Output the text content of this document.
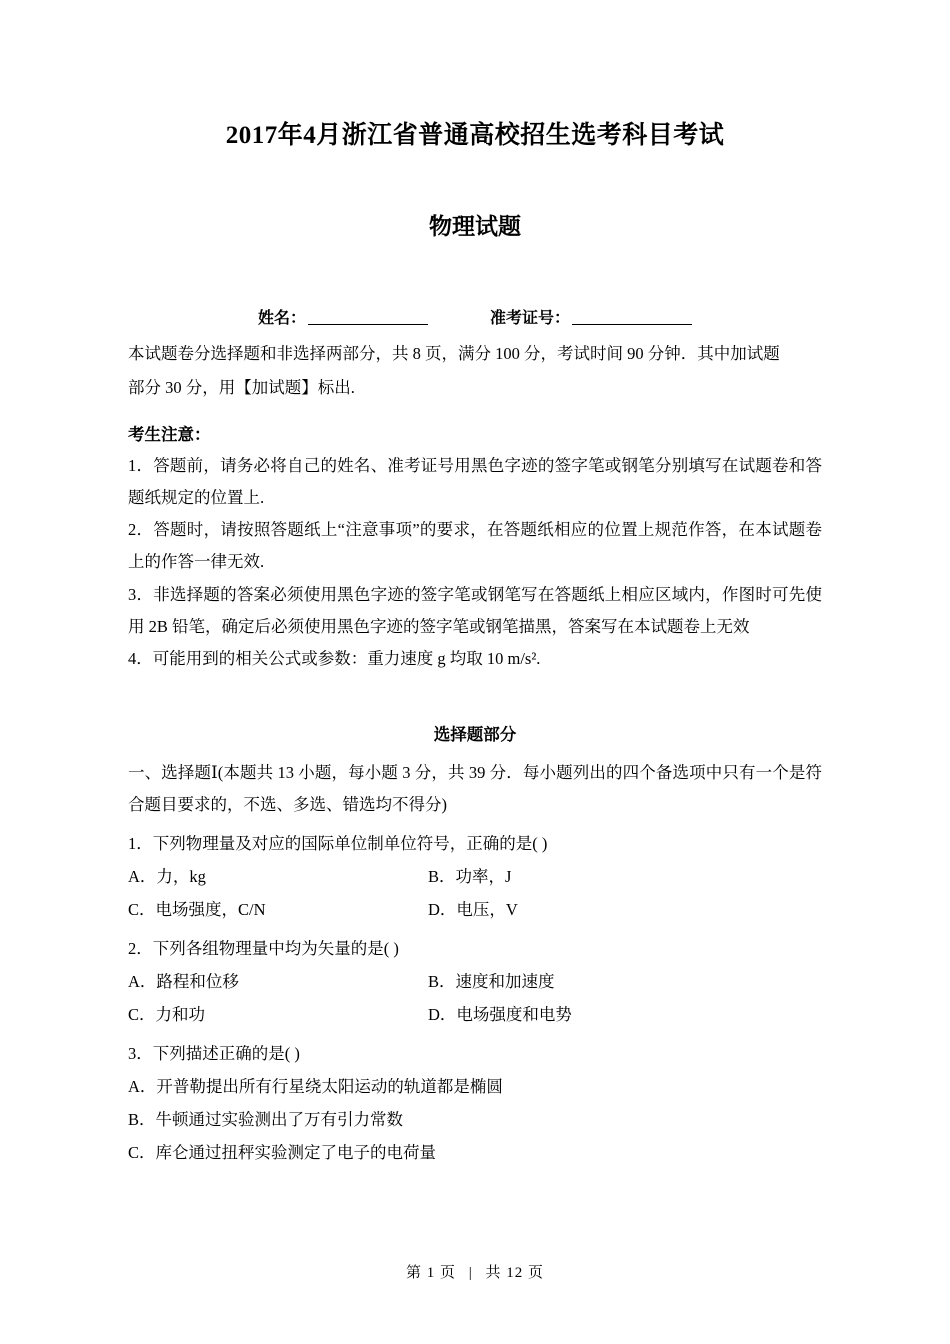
2017年4月浙江省普通高校招生选考科目考试
物理试题
姓名：	准考证号：

本试题卷分选择题和非选择两部分，共 8 页，满分 100 分，考试时间 90 分钟．其中加试题

部分 30 分，用【加试题】标出.

考生注意：

1．答题前，请务必将自己的姓名、准考证号用黑色字迹的签字笔或钢笔分别填写在试题卷和答题纸规定的位置上.

2．答题时，请按照答题纸上“注意事项”的要求，在答题纸相应的位置上规范作答，在本试题卷上的作答一律无效.

3．非选择题的答案必须使用黑色字迹的签字笔或钢笔写在答题纸上相应区域内，作图时可先使用 2B 铅笔，确定后必须使用黑色字迹的签字笔或钢笔描黑，答案写在本试题卷上无效

4．可能用到的相关公式或参数：重力速度 g 均取 10 m/s².

选择题部分

一、选择题Ⅰ(本题共 13 小题，每小题 3 分，共 39 分．每小题列出的四个备选项中只有一个是符合题目要求的，不选、多选、错选均不得分)

1．下列物理量及对应的国际单位制单位符号，正确的是( )

A．力，kg	B．功率，J
C．电场强度，C/N	D．电压，V

2．下列各组物理量中均为矢量的是( )

A．路程和位移	B．速度和加速度
C．力和功	D．电场强度和电势

3．下列描述正确的是( )

A．开普勒提出所有行星绕太阳运动的轨道都是椭圆

B．牛顿通过实验测出了万有引力常数

C．库仑通过扭秤实验测定了电子的电荷量

第 1 页 | 共 12 页
